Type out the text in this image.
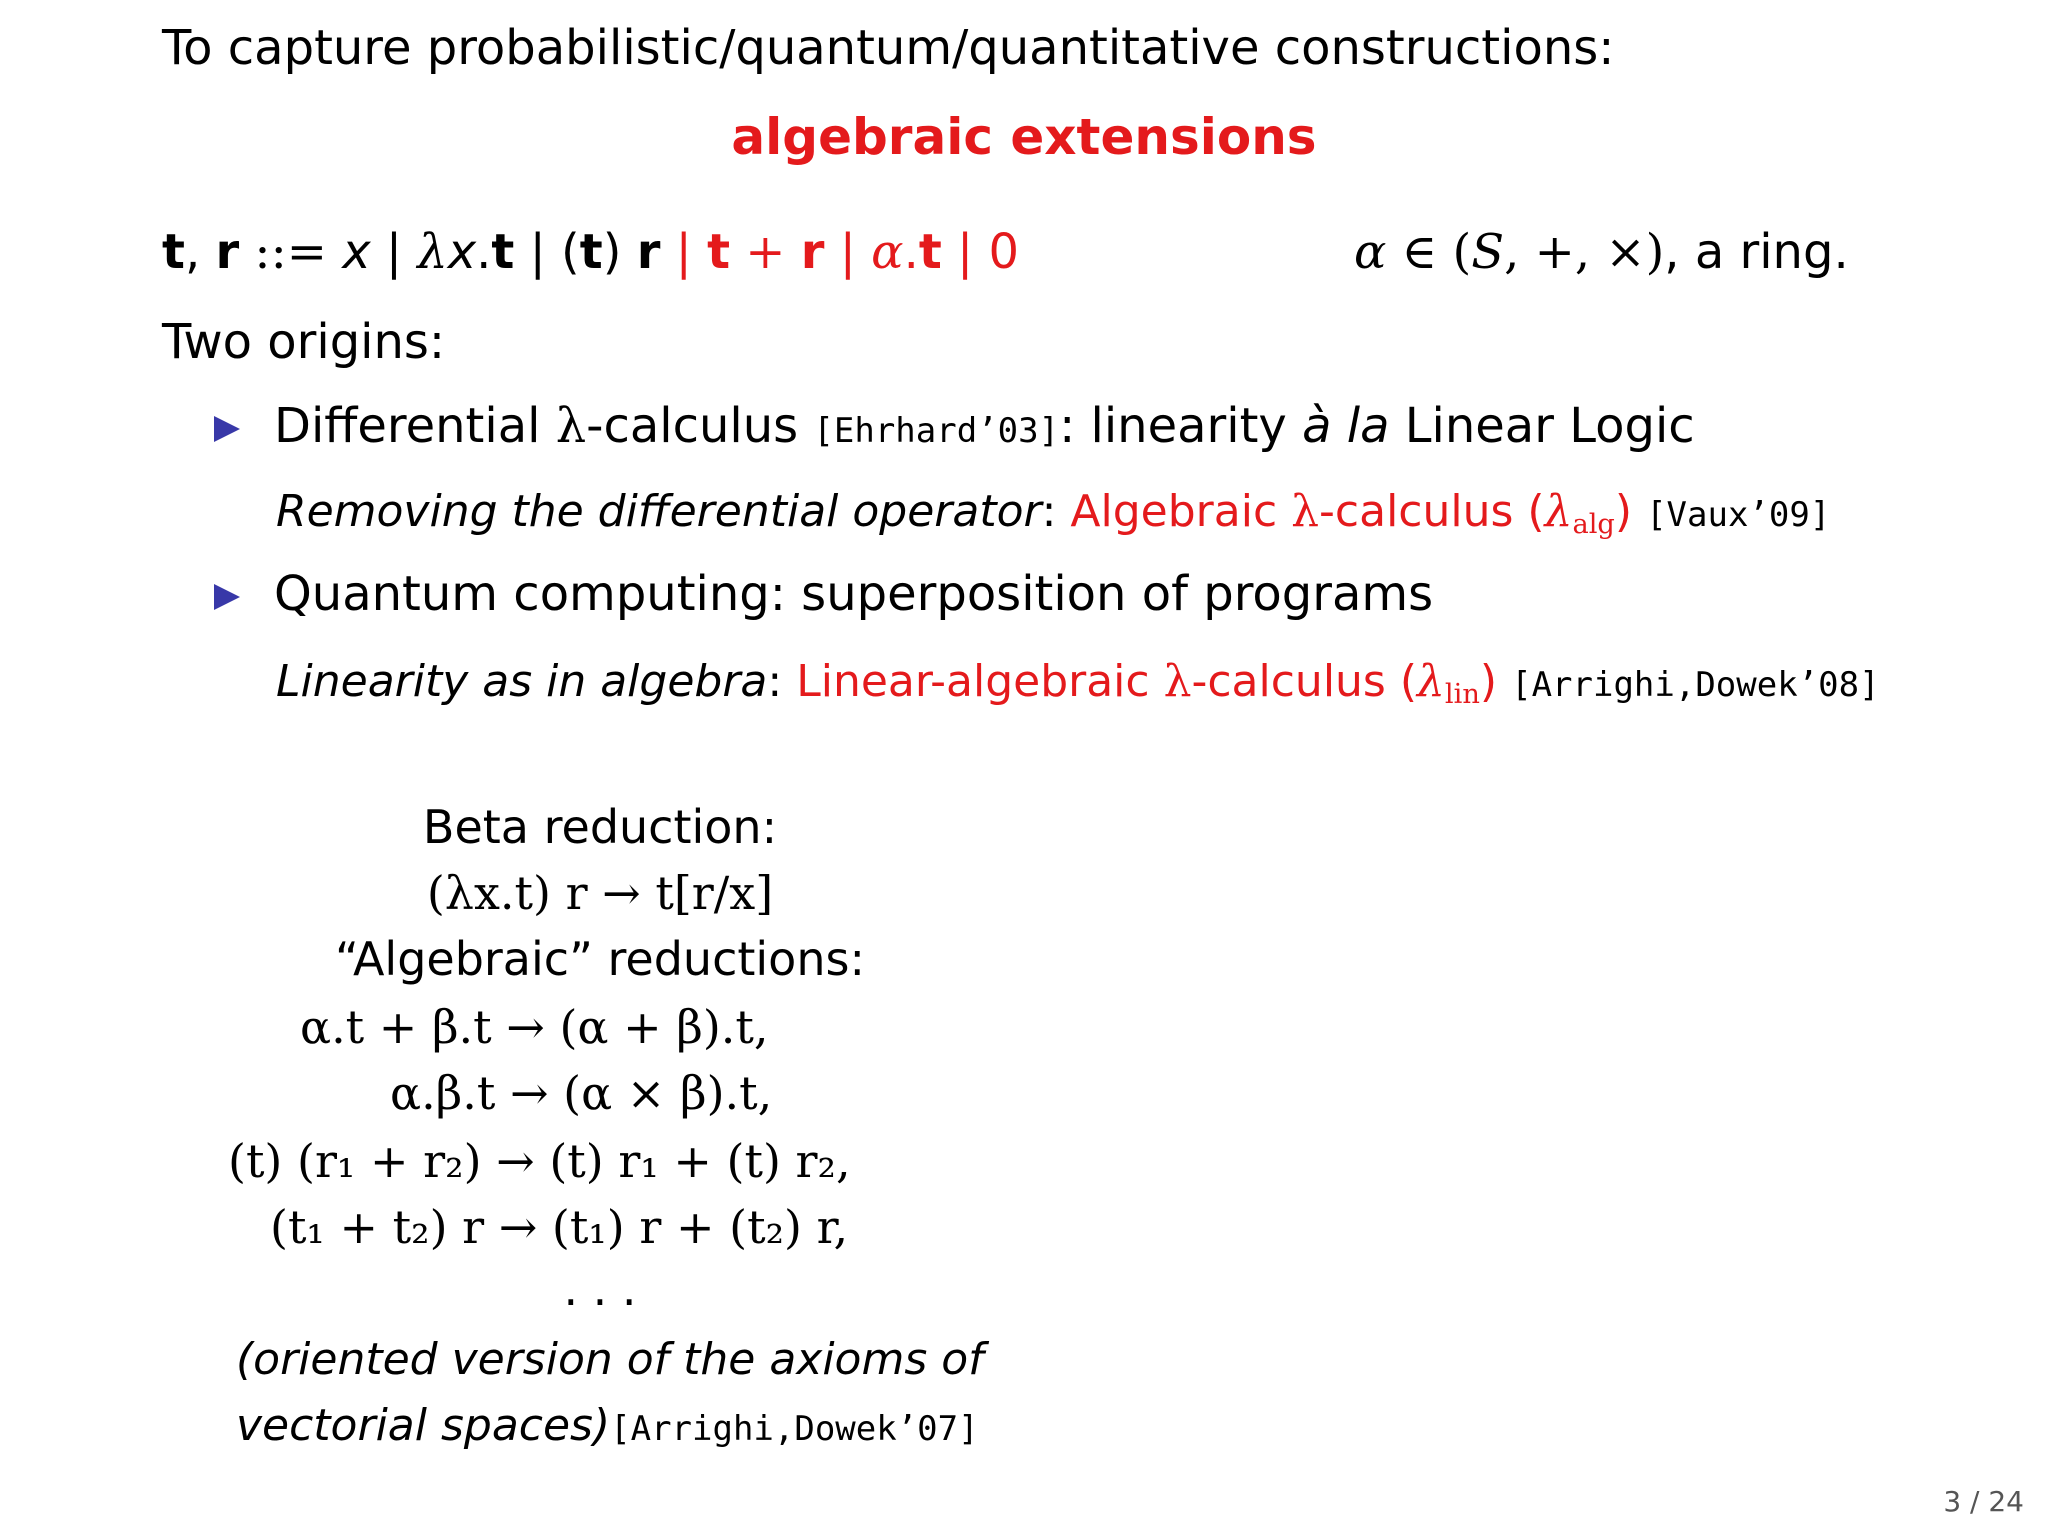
To capture probabilistic/quantum/quantitative constructions:
algebraic extensions
t, r ::= x | λx.t | (t) r | t + r | α.t | 0	α ∈ (S, +, ×), a ring.
Two origins:
Differential λ-calculus [Ehrhard’03]: linearity à la Linear Logic
Removing the differential operator: Algebraic λ-calculus $(\lambda_{alg})$ [Vaux’09]
Quantum computing: superposition of programs
Linearity as in algebra: Linear-algebraic λ-calculus $(\lambda_{lin})$ [Arrighi,Dowek’08]
Beta reduction:
(λx.t) r → t[r/x]
“Algebraic” reductions:
α.t + β.t → (α + β).t,
α.β.t → (α × β).t,
(t) (r₁ + r₂) → (t) r₁ + (t) r₂,
(t₁ + t₂) r → (t₁) r + (t₂) r,
. . .
(oriented version of the axioms of
vectorial spaces)[Arrighi,Dowek’07]
3 / 24
